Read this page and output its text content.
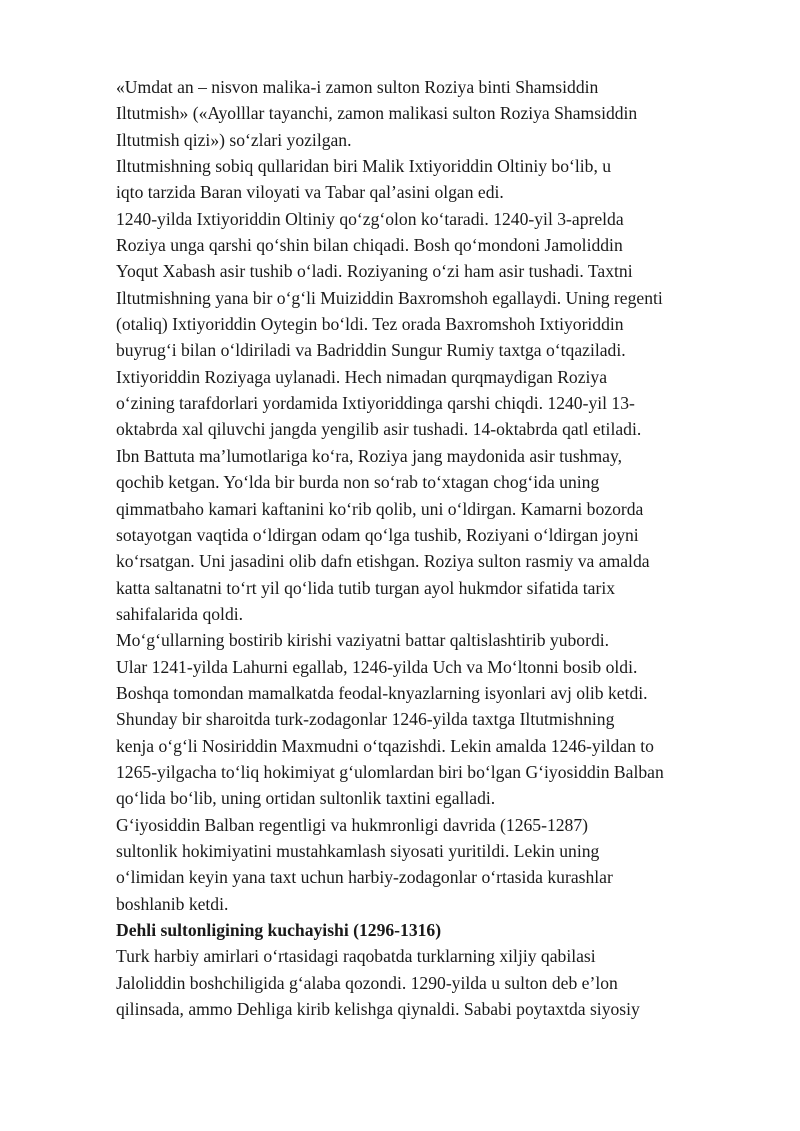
«Umdat an – nisvon malika-i zamon sulton Roziya binti Shamsiddin
Iltutmish» («Ayolllar tayanchi, zamon malikasi sulton Roziya Shamsiddin
Iltutmish qizi») so‘zlari yozilgan.
Iltutmishning sobiq qullaridan biri Malik Ixtiyoriddin Oltiniy bo‘lib, u
iqto tarzida Baran viloyati va Tabar qal’asini olgan edi.
1240-yilda Ixtiyoriddin Oltiniy qo‘zg‘olon ko‘taradi. 1240-yil 3-aprelda
Roziya unga qarshi qo‘shin bilan chiqadi. Bosh qo‘mondoni Jamoliddin
Yoqut Xabash asir tushib o‘ladi. Roziyaning o‘zi ham asir tushadi. Taxtni
Iltutmishning yana bir o‘g‘li Muiziddin Baxromshoh egallaydi. Uning regenti
(otaliq) Ixtiyoriddin Oytegin bo‘ldi. Tez orada Baxromshoh Ixtiyoriddin
buyrug‘i bilan o‘ldiriladi va Badriddin Sungur Rumiy taxtga o‘tqaziladi.
Ixtiyoriddin Roziyaga uylanadi. Hech nimadan qurqmaydigan Roziya
o‘zining tarafdorlari yordamida Ixtiyoriddinga qarshi chiqdi. 1240-yil 13-
oktabrda xal qiluvchi jangda yengilib asir tushadi. 14-oktabrda qatl etiladi.
Ibn Battuta ma’lumotlariga ko‘ra, Roziya jang maydonida asir tushmay,
qochib ketgan. Yo‘lda bir burda non so‘rab to‘xtagan chog‘ida uning
qimmatbaho kamari kaftanini ko‘rib qolib, uni o‘ldirgan. Kamarni bozorda
sotayotgan vaqtida o‘ldirgan odam qo‘lga tushib, Roziyani o‘ldirgan joyni
ko‘rsatgan. Uni jasadini olib dafn etishgan. Roziya sulton rasmiy va amalda
katta saltanatni to‘rt yil qo‘lida tutib turgan ayol hukmdor sifatida tarix
sahifalarida qoldi.
Mo‘g‘ullarning bostirib kirishi vaziyatni battar qaltislashtirib yubordi.
Ular 1241-yilda Lahurni egallab, 1246-yilda Uch va Mo‘ltonni bosib oldi.
Boshqa tomondan mamalkatda feodal-knyazlarning isyonlari avj olib ketdi.
Shunday bir sharoitda turk-zodagonlar 1246-yilda taxtga Iltutmishning
kenja o‘g‘li Nosiriddin Maxmudni o‘tqazishdi. Lekin amalda 1246-yildan to
1265-yilgacha to‘liq hokimiyat g‘ulomlardan biri bo‘lgan G‘iyosiddin Balban
qo‘lida bo‘lib, uning ortidan sultonlik taxtini egalladi.
G‘iyosiddin Balban regentligi va hukmronligi davrida (1265-1287)
sultonlik hokimiyatini mustahkamlash siyosati yuritildi. Lekin uning
o‘limidan keyin yana taxt uchun harbiy-zodagonlar o‘rtasida kurashlar
boshlanib ketdi.
Dehli sultonligining kuchayishi (1296-1316)
Turk harbiy amirlari o‘rtasidagi raqobatda turklarning xiljiy qabilasi
Jaloliddin boshchiligida g‘alaba qozondi. 1290-yilda u sulton deb e’lon
qilinsada, ammo Dehliga kirib kelishga qiynaldi. Sababi poytaxtda siyosiy
